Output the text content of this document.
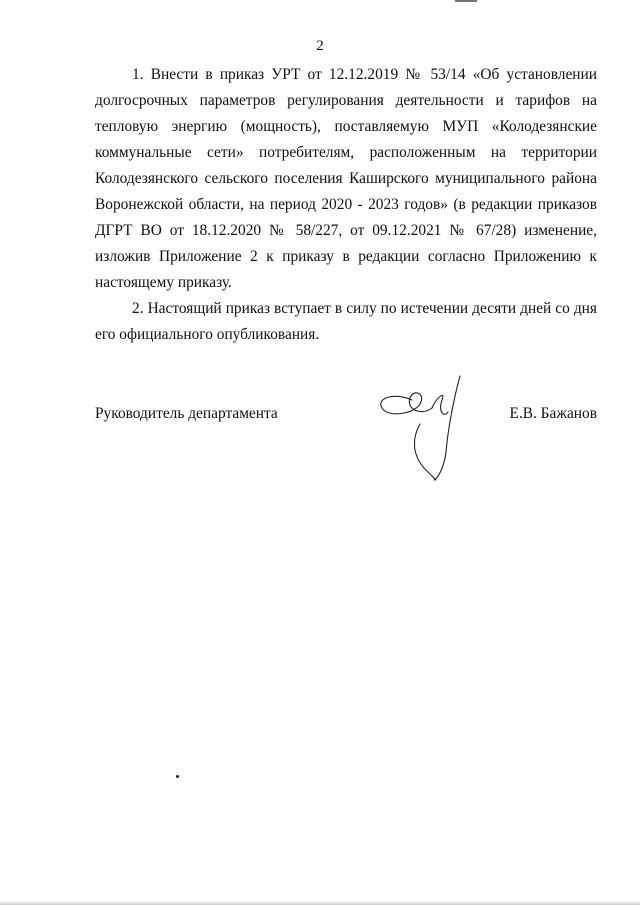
2

1. Внести в приказ УРТ от 12.12.2019 № 53/14 «Об установлении долгосрочных параметров регулирования деятельности и тарифов на тепловую энергию (мощность), поставляемую МУП «Колодезянские коммунальные сети» потребителям, расположенным на территории Колодезянского сельского поселения Каширского муниципального района Воронежской области, на период 2020 - 2023 годов» (в редакции приказов ДГРТ ВО от 18.12.2020 № 58/227, от 09.12.2021 № 67/28) изменение, изложив Приложение 2 к приказу в редакции согласно Приложению к настоящему приказу.

2. Настоящий приказ вступает в силу по истечении десяти дней со дня его официального опубликования.

Руководитель департамента	Е.В. Бажанов
